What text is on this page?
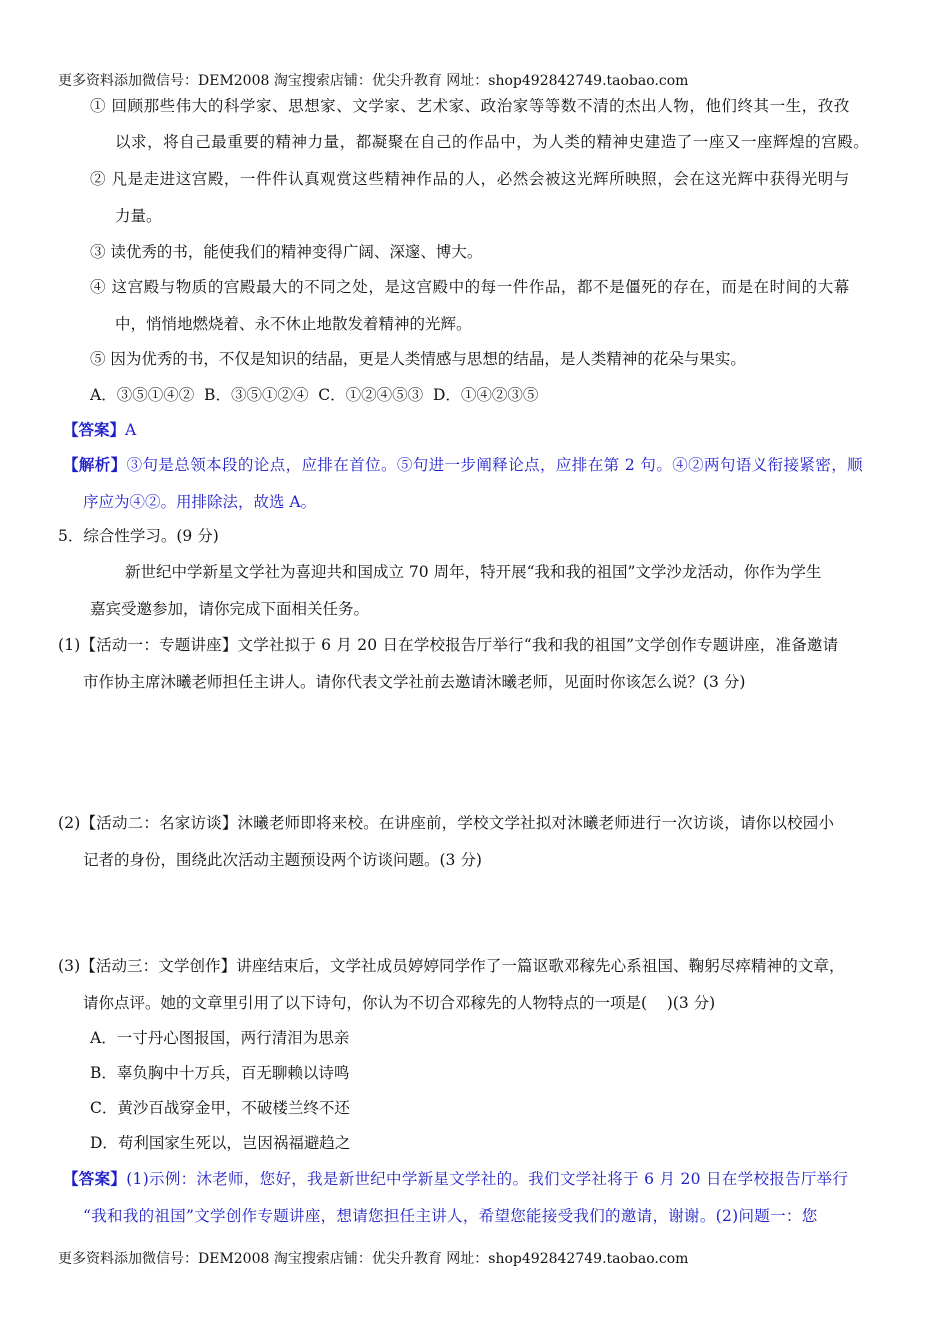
更多资料添加微信号：DEM2008 淘宝搜索店铺：优尖升教育 网址：shop492842749.taobao.com
① 回顾那些伟大的科学家、思想家、文学家、艺术家、政治家等等数不清的杰出人物，他们终其一生，孜孜
以求，将自己最重要的精神力量，都凝聚在自己的作品中，为人类的精神史建造了一座又一座辉煌的宫殿。
② 凡是走进这宫殿，一件件认真观赏这些精神作品的人，必然会被这光辉所映照，会在这光辉中获得光明与
力量。
③ 读优秀的书，能使我们的精神变得广阔、深邃、博大。
④ 这宫殿与物质的宫殿最大的不同之处，是这宫殿中的每一件作品，都不是僵死的存在，而是在时间的大幕
中，悄悄地燃烧着、永不休止地散发着精神的光辉。
⑤ 因为优秀的书，不仅是知识的结晶，更是人类情感与思想的结晶，是人类精神的花朵与果实。
A．③⑤①④②  B．③⑤①②④  C．①②④⑤③  D．①④②③⑤
【答案】A
【解析】③句是总领本段的论点，应排在首位。⑤句进一步阐释论点，应排在第 2 句。④②两句语义衔接紧密，顺
序应为④②。用排除法，故选 A。
5．综合性学习。(9 分)
新世纪中学新星文学社为喜迎共和国成立 70 周年，特开展“我和我的祖国”文学沙龙活动，你作为学生
嘉宾受邀参加，请你完成下面相关任务。
(1)【活动一：专题讲座】文学社拟于 6 月 20 日在学校报告厅举行“我和我的祖国”文学创作专题讲座，准备邀请
市作协主席沐曦老师担任主讲人。请你代表文学社前去邀请沐曦老师，见面时你该怎么说？(3 分)
(2)【活动二：名家访谈】沐曦老师即将来校。在讲座前，学校文学社拟对沐曦老师进行一次访谈，请你以校园小
记者的身份，围绕此次活动主题预设两个访谈问题。(3 分)
(3)【活动三：文学创作】讲座结束后，文学社成员婷婷同学作了一篇讴歌邓稼先心系祖国、鞠躬尽瘁精神的文章，
请你点评。她的文章里引用了以下诗句，你认为不切合邓稼先的人物特点的一项是(    )(3 分)
A．一寸丹心图报国，两行清泪为思亲
B．辜负胸中十万兵，百无聊赖以诗鸣
C．黄沙百战穿金甲，不破楼兰终不还
D．苟利国家生死以，岂因祸福避趋之
【答案】(1)示例：沐老师，您好，我是新世纪中学新星文学社的。我们文学社将于 6 月 20 日在学校报告厅举行
“我和我的祖国”文学创作专题讲座，想请您担任主讲人，希望您能接受我们的邀请，谢谢。(2)问题一：您
更多资料添加微信号：DEM2008 淘宝搜索店铺：优尖升教育 网址：shop492842749.taobao.com
